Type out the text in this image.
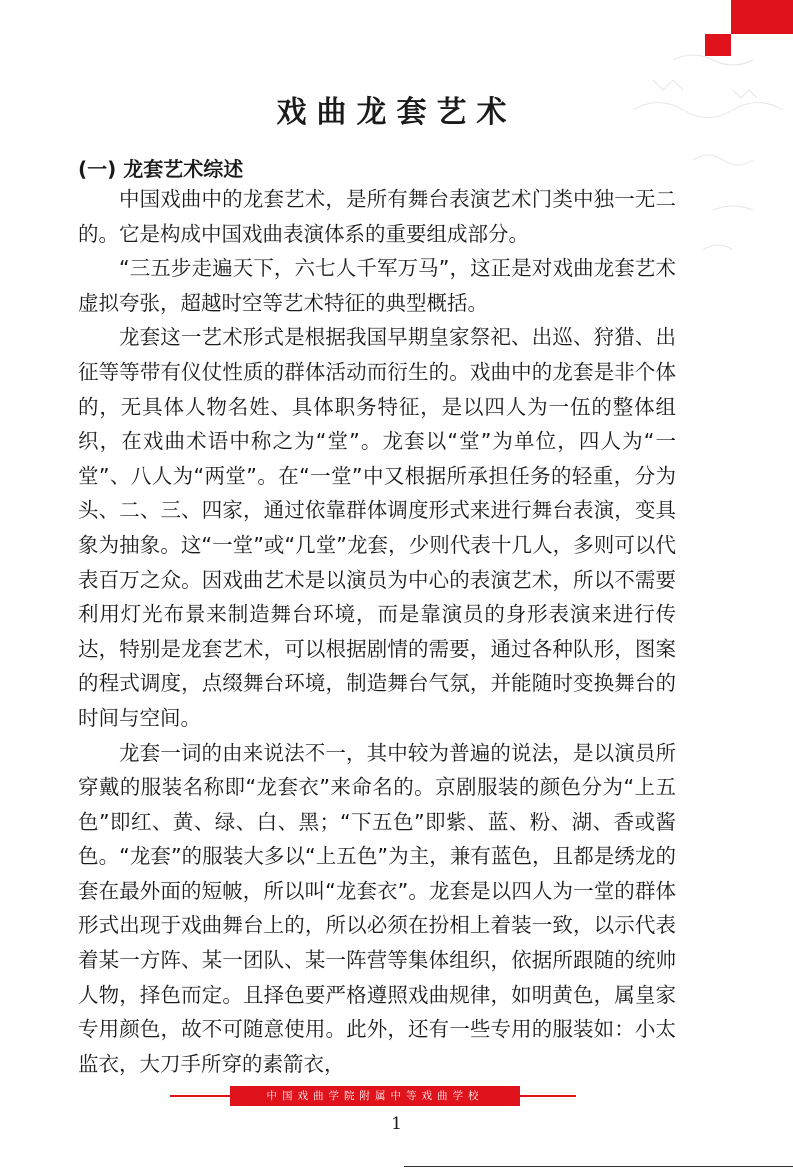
戏曲龙套艺术
(一) 龙套艺术综述

中国戏曲中的龙套艺术，是所有舞台表演艺术门类中独一无二的。它是构成中国戏曲表演体系的重要组成部分。

“三五步走遍天下，六七人千军万马”，这正是对戏曲龙套艺术虚拟夸张，超越时空等艺术特征的典型概括。

龙套这一艺术形式是根据我国早期皇家祭祀、出巡、狩猎、出征等等带有仪仗性质的群体活动而衍生的。戏曲中的龙套是非个体的，无具体人物名姓、具体职务特征，是以四人为一伍的整体组织，在戏曲术语中称之为“堂”。龙套以“堂”为单位，四人为“一堂”、八人为“两堂”。在“一堂”中又根据所承担任务的轻重，分为头、二、三、四家，通过依靠群体调度形式来进行舞台表演，变具象为抽象。这“一堂”或“几堂”龙套，少则代表十几人，多则可以代表百万之众。因戏曲艺术是以演员为中心的表演艺术，所以不需要利用灯光布景来制造舞台环境，而是靠演员的身形表演来进行传达，特别是龙套艺术，可以根据剧情的需要，通过各种队形，图案的程式调度，点缀舞台环境，制造舞台气氛，并能随时变换舞台的时间与空间。

龙套一词的由来说法不一，其中较为普遍的说法，是以演员所穿戴的服装名称即“龙套衣”来命名的。京剧服装的颜色分为“上五色”即红、黄、绿、白、黑；“下五色”即紫、蓝、粉、湖、香或酱色。“龙套”的服装大多以“上五色”为主，兼有蓝色，且都是绣龙的套在最外面的短帔，所以叫“龙套衣”。龙套是以四人为一堂的群体形式出现于戏曲舞台上的，所以必须在扮相上着装一致，以示代表着某一方阵、某一团队、某一阵营等集体组织，依据所跟随的统帅人物，择色而定。且择色要严格遵照戏曲规律，如明黄色，属皇家专用颜色，故不可随意使用。此外，还有一些专用的服装如：小太监衣，大刀手所穿的素箭衣，

中国戏曲学院附属中等戏曲学校
1
